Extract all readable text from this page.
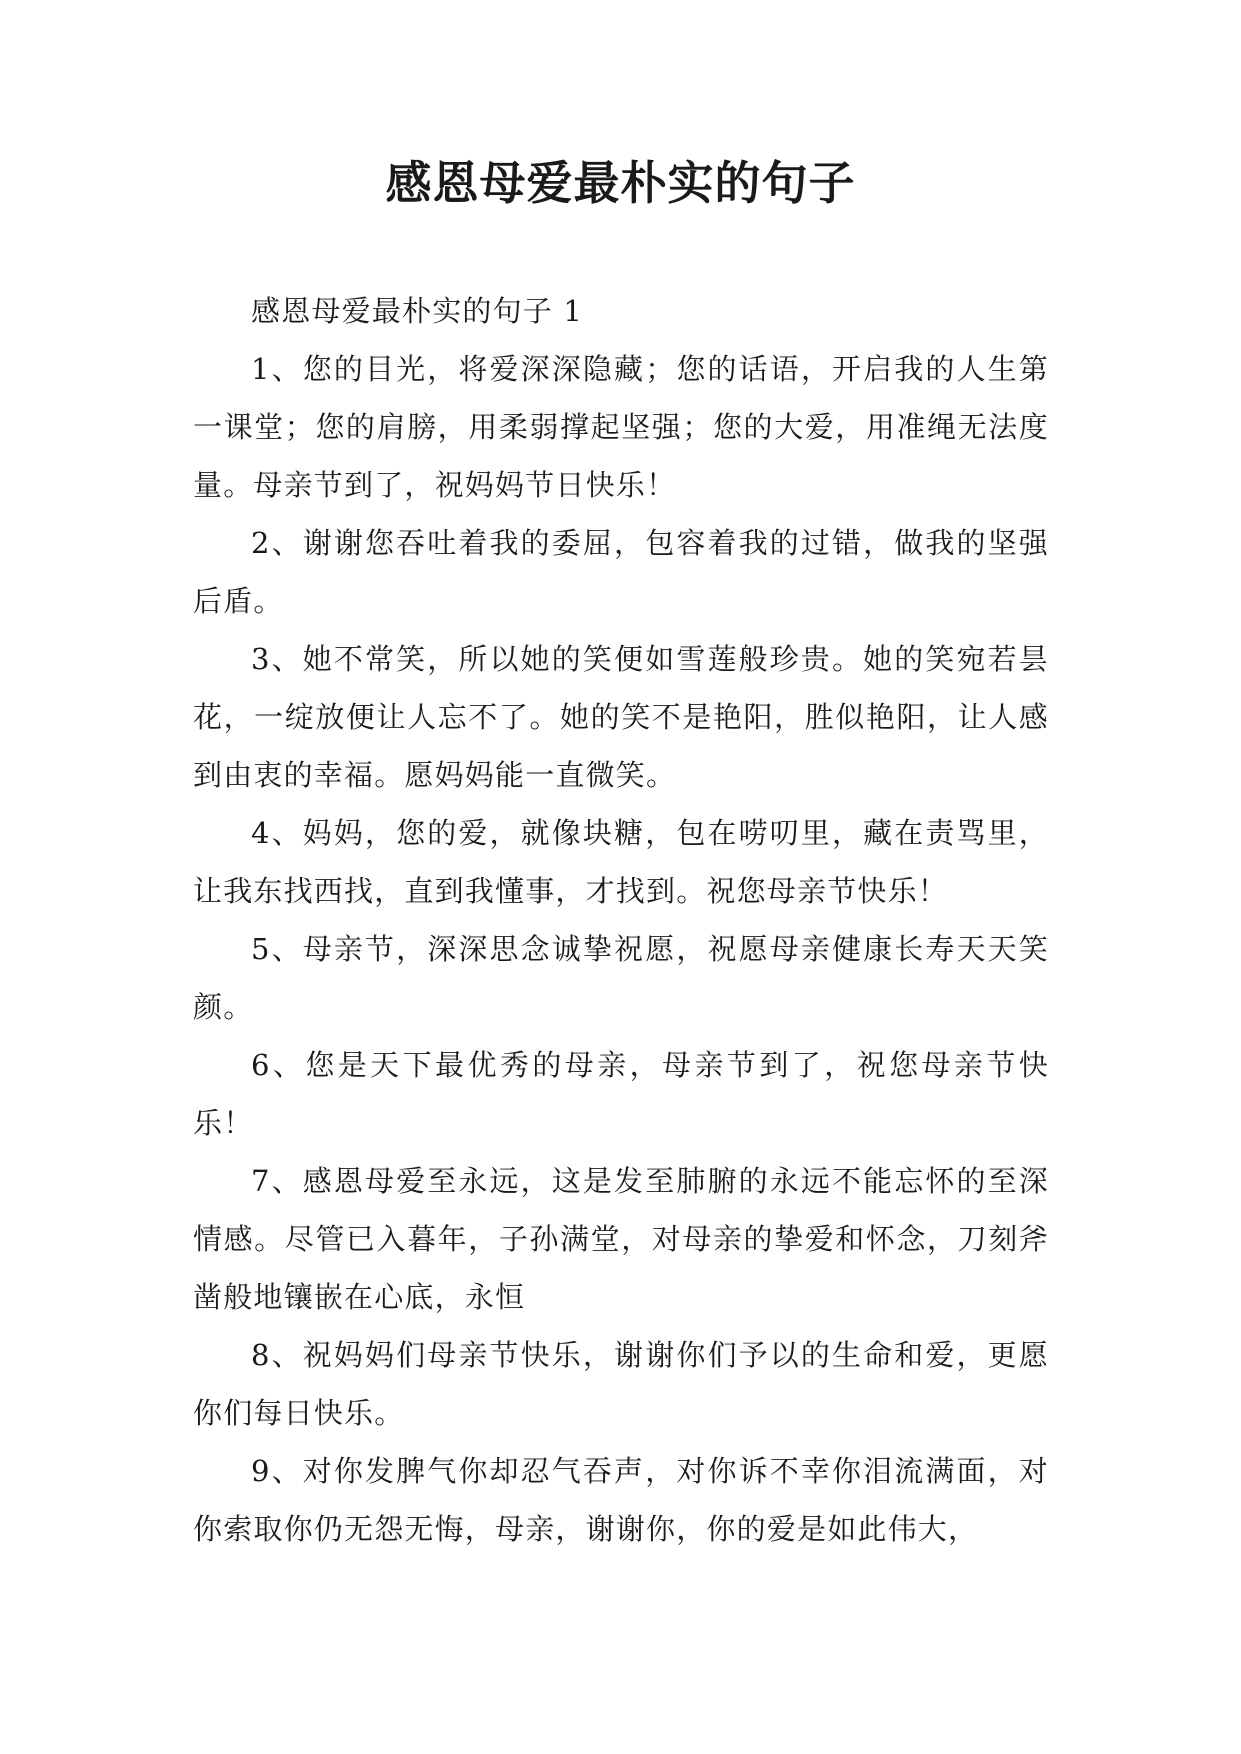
感恩母爱最朴实的句子

感恩母爱最朴实的句子 1

1、您的目光，将爱深深隐藏；您的话语，开启我的人生第一课堂；您的肩膀，用柔弱撑起坚强；您的大爱，用准绳无法度量。母亲节到了，祝妈妈节日快乐！

2、谢谢您吞吐着我的委屈，包容着我的过错，做我的坚强后盾。

3、她不常笑，所以她的笑便如雪莲般珍贵。她的笑宛若昙花，一绽放便让人忘不了。她的笑不是艳阳，胜似艳阳，让人感到由衷的幸福。愿妈妈能一直微笑。

4、妈妈，您的爱，就像块糖，包在唠叨里，藏在责骂里，让我东找西找，直到我懂事，才找到。祝您母亲节快乐！

5、母亲节，深深思念诚挚祝愿，祝愿母亲健康长寿天天笑颜。

6、您是天下最优秀的母亲，母亲节到了，祝您母亲节快乐！

7、感恩母爱至永远，这是发至肺腑的永远不能忘怀的至深情感。尽管已入暮年，子孙满堂，对母亲的挚爱和怀念，刀刻斧凿般地镶嵌在心底，永恒

8、祝妈妈们母亲节快乐，谢谢你们予以的生命和爱，更愿你们每日快乐。

9、对你发脾气你却忍气吞声，对你诉不幸你泪流满面，对你索取你仍无怨无悔，母亲，谢谢你，你的爱是如此伟大，
